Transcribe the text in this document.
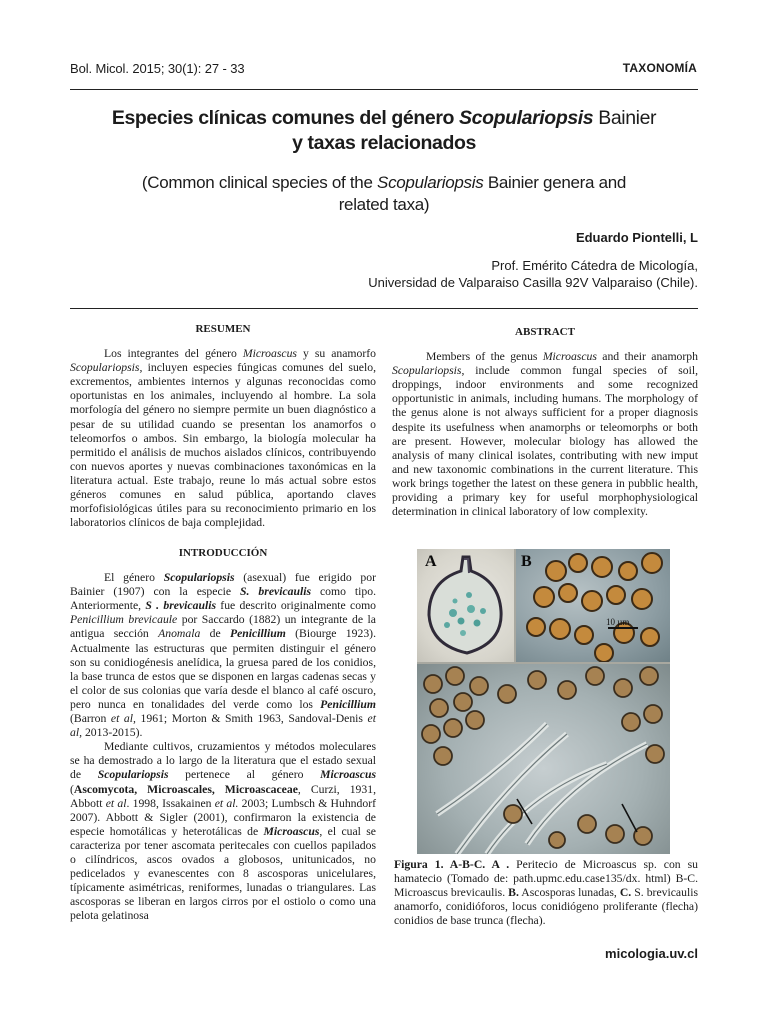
Bol. Micol. 2015; 30(1): 27 - 33	TAXONOMÍA
Especies clínicas comunes del género Scopulariopsis Bainier
y taxas relacionados
(Common clinical species of the Scopulariopsis Bainier genera and
related taxa)
Eduardo Piontelli, L
Prof. Emérito Cátedra de Micología,
Universidad de Valparaiso Casilla 92V Valparaiso (Chile).
RESUMEN

Los integrantes del género Microascus y su anamorfo Scopulariopsis, incluyen especies fúngicas comunes del suelo, excrementos, ambientes internos y algunas reconocidas como oportunistas en los animales, incluyendo al hombre. La sola morfología del género no siempre permite un buen diagnóstico a pesar de su utilidad cuando se presentan los anamorfos o teleomorfos o ambos. Sin embargo, la biología molecular ha permitido el análisis de muchos aislados clínicos, contribuyendo con nuevos aportes y nuevas combinaciones taxonómicas en la literatura actual. Este trabajo, reune lo más actual sobre estos géneros comunes en salud pública, aportando claves morfofisiológicas útiles para su reconocimiento primario en los laboratorios clínicos de baja complejidad.

INTRODUCCIÓN

El género Scopulariopsis (asexual) fue erigido por Bainier (1907) con la especie S. brevicaulis como tipo. Anteriormente, S . brevicaulis fue descrito originalmente como Penicillium brevicaule por Saccardo (1882) un integrante de la antigua sección Anomala de Penicillium (Biourge 1923). Actualmente las estructuras que permiten distinguir el género son su conidiogénesis anelídica, la gruesa pared de los conidios, la base trunca de estos que se disponen en largas cadenas secas y el color de sus colonias que varía desde el blanco al café oscuro, pero nunca en tonalidades del verde como los Penicillium (Barron et al, 1961; Morton & Smith 1963, Sandoval-Denis et al, 2013-2015).

Mediante cultivos, cruzamientos y métodos moleculares se ha demostrado a lo largo de la literatura que el estado sexual de Scopulariopsis pertenece al género Microascus (Ascomycota, Microascales, Microascaceae, Curzi, 1931, Abbott et al. 1998, Issakainen et al. 2003; Lumbsch & Huhndorf 2007). Abbott & Sigler (2001), confirmaron la existencia de especie homotálicas y heterotálicas de Microascus, el cual se caracteriza por tener ascomata peritecales con cuellos papilados o cilíndricos, ascos ovados a globosos, unitunicados, no pedicelados y evanescentes con 8 ascosporas unicelulares, típicamente asimétricas, reniformes, lunadas o triangulares. Las ascosporas se liberan en largos cirros por el ostiolo o como una pelota gelatinosa

ABSTRACT

Members of the genus Microascus and their anamorph Scopulariopsis, include common fungal species of soil, droppings, indoor environments and some recognized opportunistic in animals, including humans. The morphology of the genus alone is not always sufficient for a proper diagnosis despite its usefulness when anamorphs or teleomorphs or both are present. However, molecular biology has allowed the analysis of many clinical isolates, contributing with new imput and new taxonomic combinations in the current literature. This work brings together the latest on these genera in pubblic health, providing a primary key for useful morphophysiological determination in clinical laboratory of low complexity.

A	B
10 µm
Figura 1. A-B-C. A . Peritecio de Microascus sp. con su hamatecio (Tomado de: path.upmc.edu.case135/dx. html) B-C. Microascus brevicaulis. B. Ascosporas lunadas, C. S. brevicaulis anamorfo, conidióforos, locus conidiógeno proliferante (flecha) conidios de base trunca (flecha).
micologia.uv.cl
